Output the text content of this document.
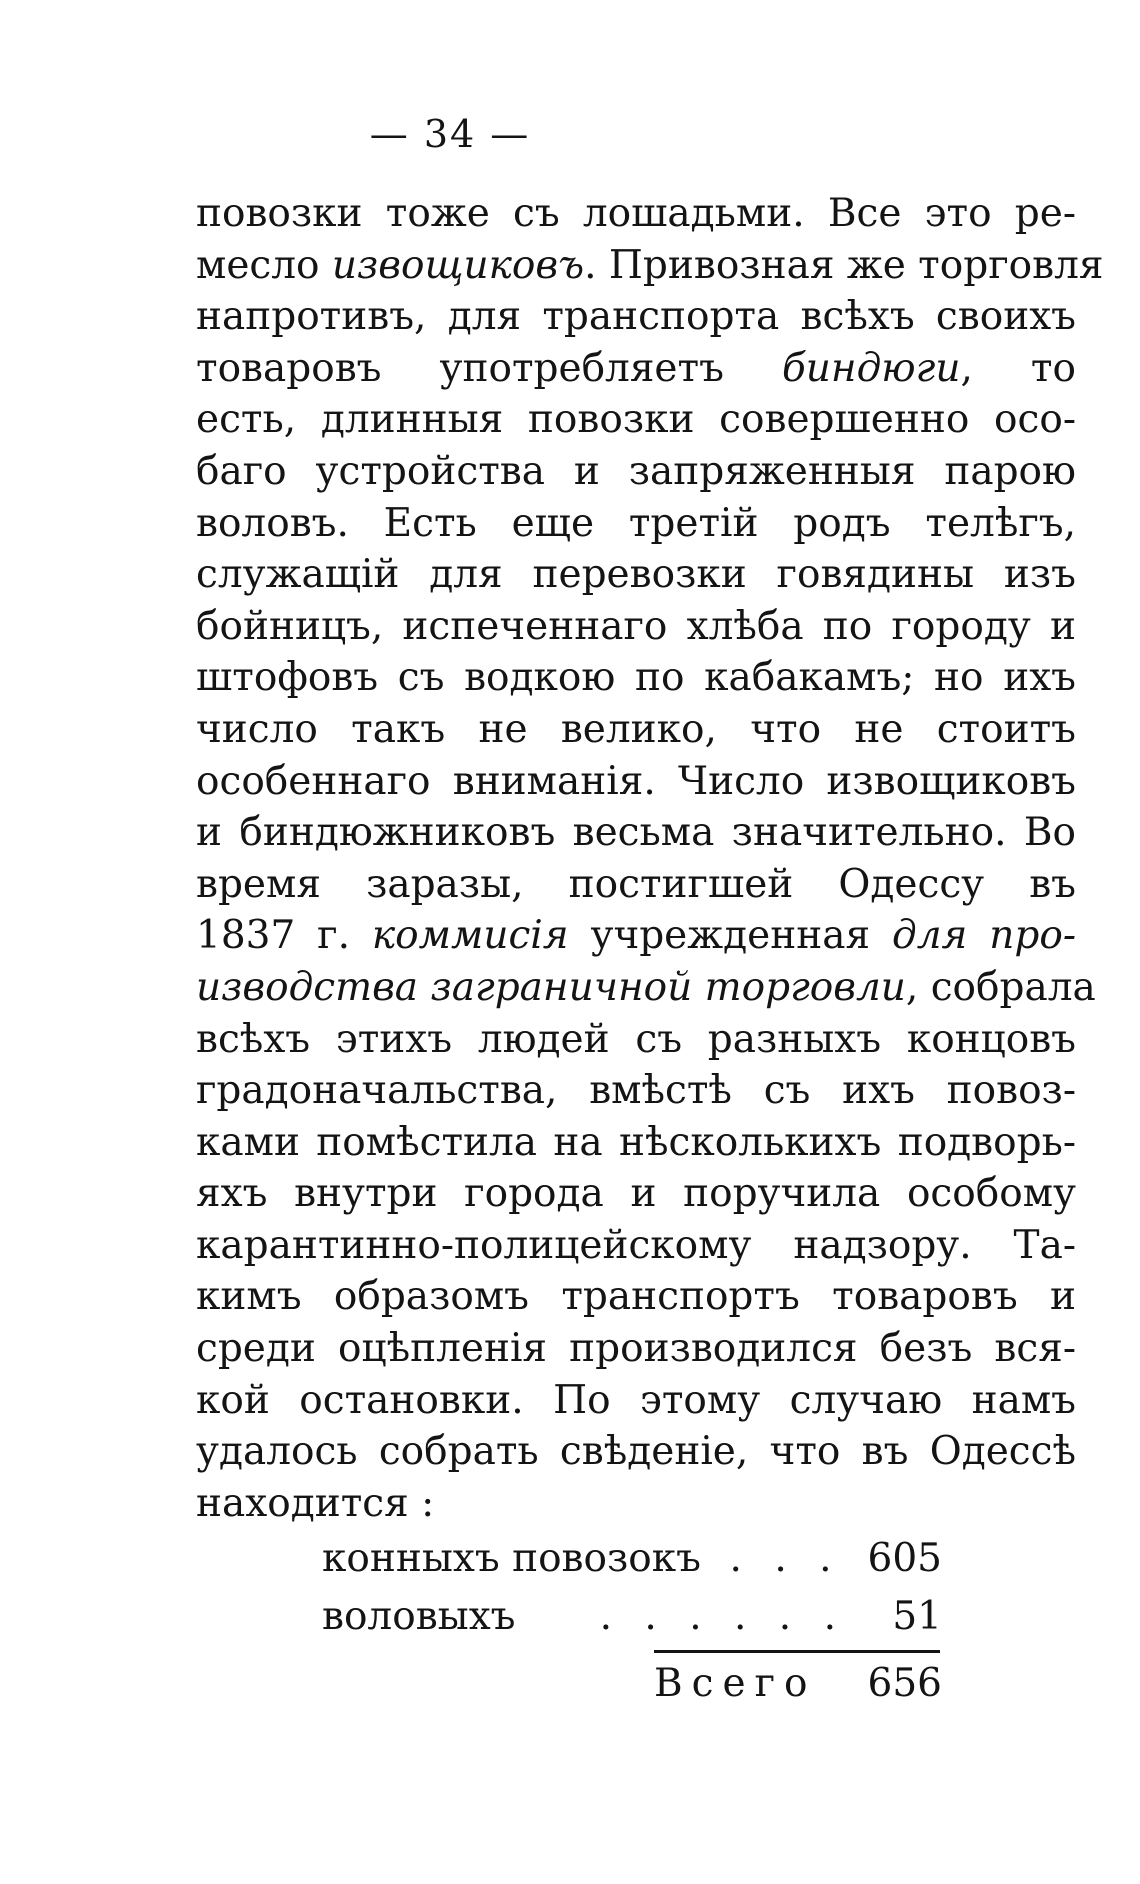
— 34 —
повозки тоже съ лошадьми. Все это ре-
месло извощиковъ. Привозная же торговля
напротивъ, для транспорта всѣхъ своихъ
товаровъ употребляетъ биндюги, то
есть, длинныя повозки совершенно осо-
баго устройства и запряженныя парою
воловъ. Есть еще третій родъ телѣгъ,
служащій для перевозки говядины изъ
бойницъ, испеченнаго хлѣба по городу и
штофовъ съ водкою по кабакамъ; но ихъ
число такъ не велико, что не стоитъ
особеннаго вниманія. Число извощиковъ
и биндюжниковъ весьма значительно. Во
время заразы, постигшей Одессу въ
1837 г. коммисія учрежденная для про-
изводства заграничной торговли, собрала
всѣхъ этихъ людей съ разныхъ концовъ
градоначальства, вмѣстѣ съ ихъ повоз-
ками помѣстила на нѣсколькихъ подворь-
яхъ внутри города и поручила особому
карантинно-полицейскому надзору. Та-
кимъ образомъ транспортъ товаровъ и
среди оцѣпленія производился безъ вся-
кой остановки. По этому случаю намъ
удалось собрать свѣденіе, что въ Одессѣ
находится :
конныхъ повозокъ . . . 605
воловыхъ	. . . . . .	51
Всего 656
